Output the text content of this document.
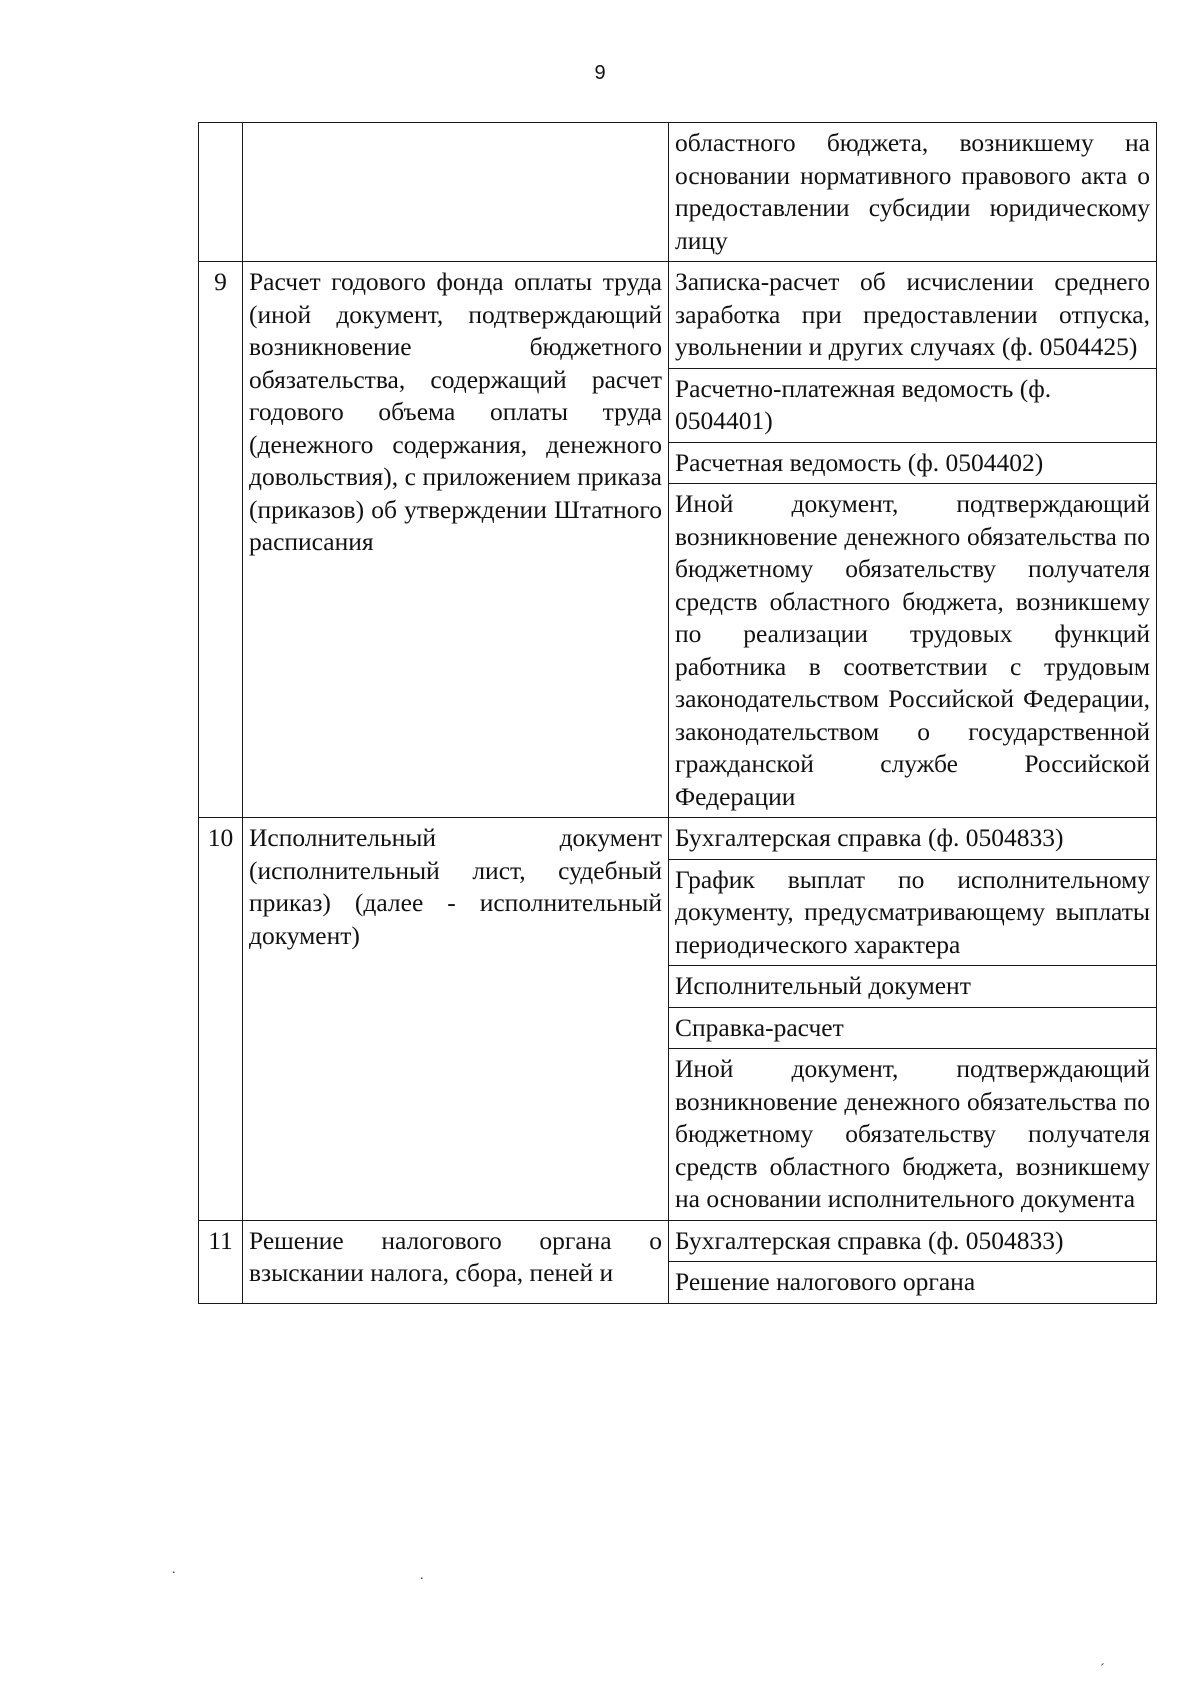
9
		областного бюджета, возникшему на основании нормативного правового акта о предоставлении субсидии юридическому лицу
9	Расчет годового фонда оплаты труда (иной документ, подтверждающий возникновение бюджетного обязательства, содержащий расчет годового объема оплаты труда (денежного содержания, денежного довольствия), с приложением приказа (приказов) об утверждении Штатного расписания	Записка-расчет об исчислении среднего заработка при предоставлении отпуска, увольнении и других случаях (ф. 0504425)
		Расчетно-платежная ведомость (ф. 0504401)
		Расчетная ведомость (ф. 0504402)
		Иной документ, подтверждающий возникновение денежного обязательства по бюджетному обязательству получателя средств областного бюджета, возникшему по реализации трудовых функций работника в соответствии с трудовым законодательством Российской Федерации, законодательством о государственной гражданской службе Российской Федерации
10	Исполнительный документ (исполнительный лист, судебный приказ) (далее - исполнительный документ)	Бухгалтерская справка (ф. 0504833)
		График выплат по исполнительному документу, предусматривающему выплаты периодического характера
		Исполнительный документ
		Справка-расчет
		Иной документ, подтверждающий возникновение денежного обязательства по бюджетному обязательству получателя средств областного бюджета, возникшему на основании исполнительного документа
11	Решение налогового органа о взыскании налога, сбора, пеней и	Бухгалтерская справка (ф. 0504833)
		Решение налогового органа
.	.
ˊ
